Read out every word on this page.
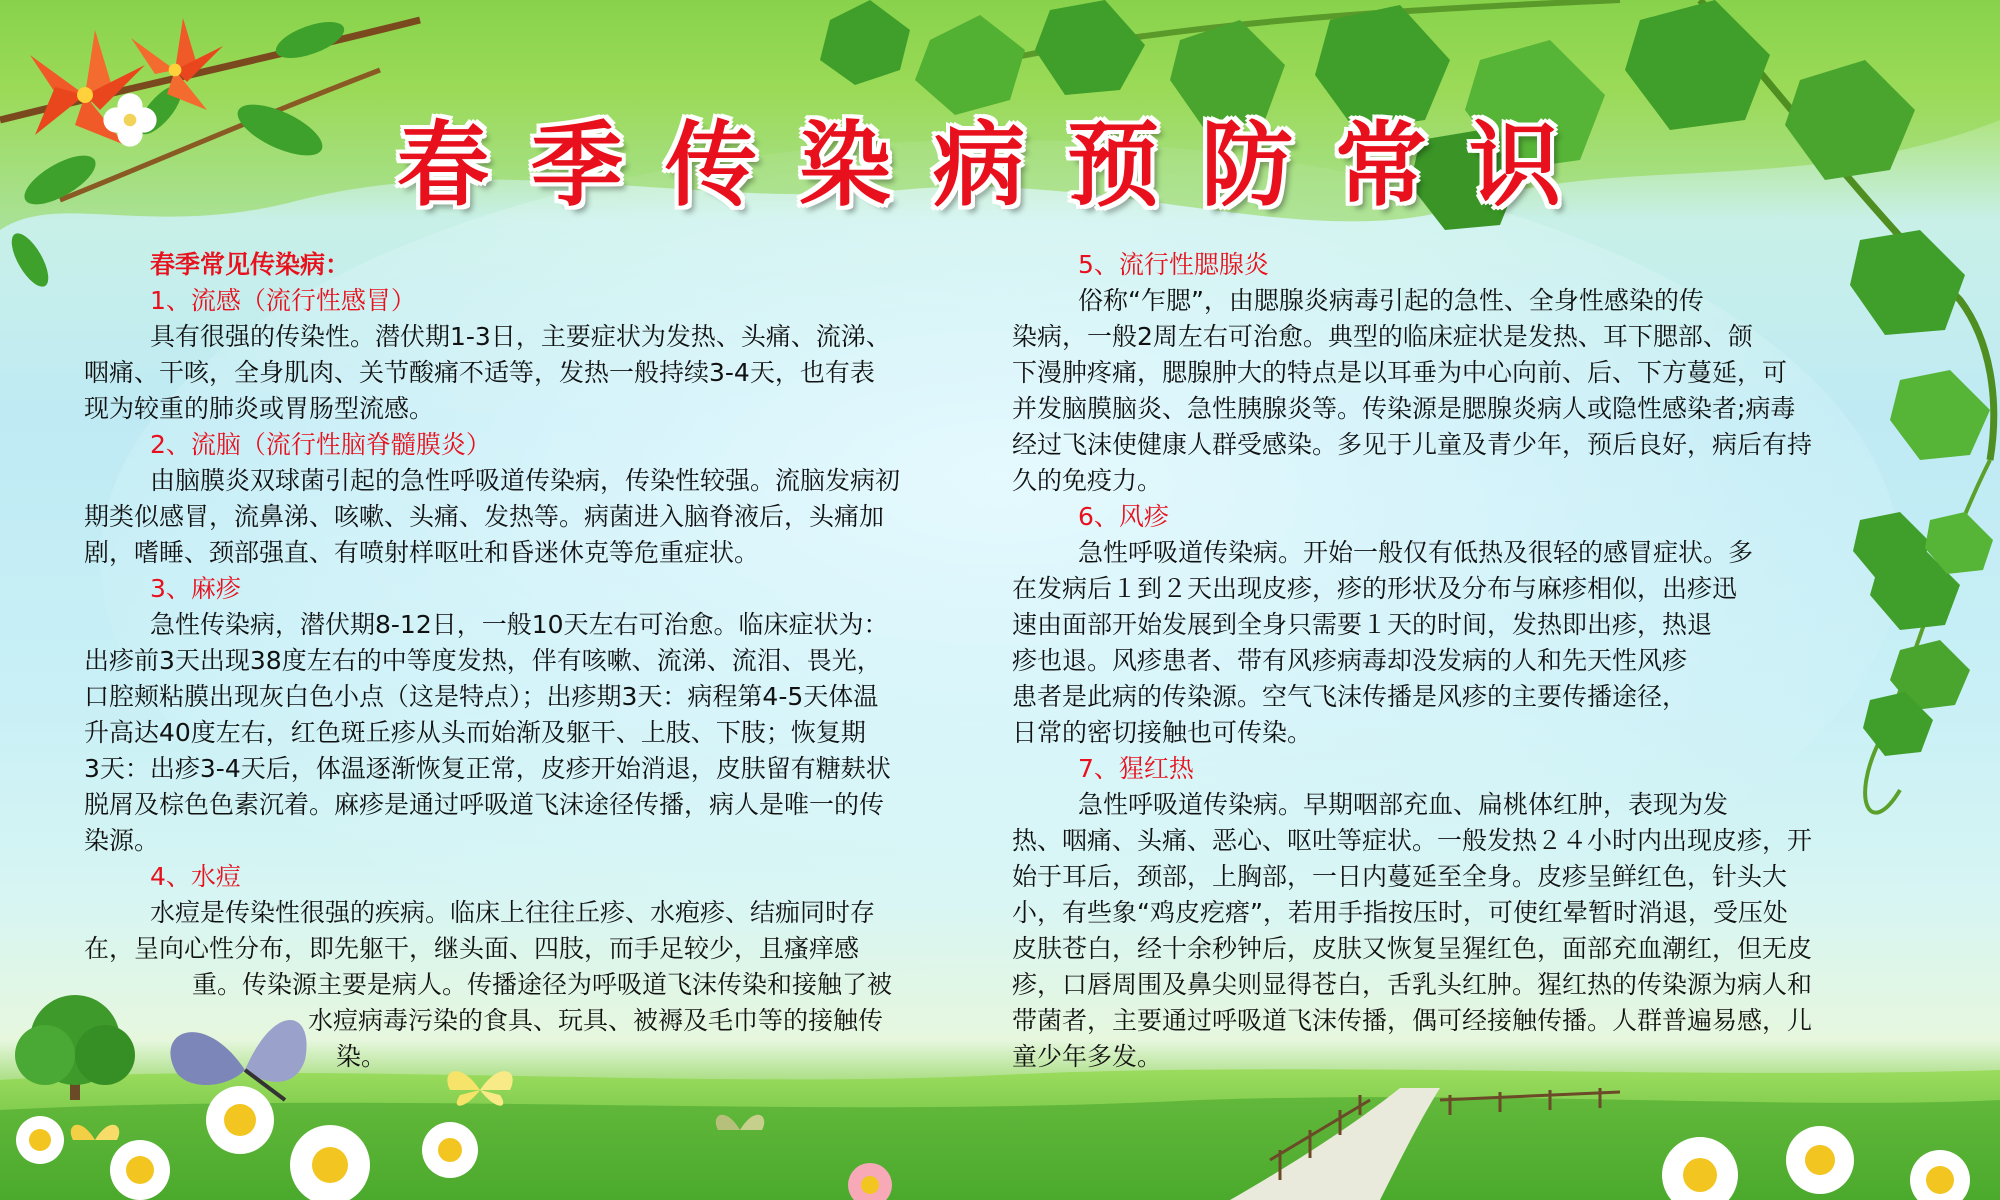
春季传染病预防常识
春季常见传染病：
1、流感（流行性感冒）
具有很强的传染性。潜伏期1-3日，主要症状为发热、头痛、流涕、
咽痛、干咳，全身肌肉、关节酸痛不适等，发热一般持续3-4天，也有表
现为较重的肺炎或胃肠型流感。
2、流脑（流行性脑脊髓膜炎）
由脑膜炎双球菌引起的急性呼吸道传染病，传染性较强。流脑发病初
期类似感冒，流鼻涕、咳嗽、头痛、发热等。病菌进入脑脊液后，头痛加
剧，嗜睡、颈部强直、有喷射样呕吐和昏迷休克等危重症状。
3、麻疹
急性传染病，潜伏期8-12日，一般10天左右可治愈。临床症状为：
出疹前3天出现38度左右的中等度发热，伴有咳嗽、流涕、流泪、畏光，
口腔颊粘膜出现灰白色小点（这是特点）；出疹期3天：病程第4-5天体温
升高达40度左右，红色斑丘疹从头而始渐及躯干、上肢、下肢；恢复期
3天：出疹3-4天后，体温逐渐恢复正常，皮疹开始消退，皮肤留有糖麸状
脱屑及棕色色素沉着。麻疹是通过呼吸道飞沫途径传播，病人是唯一的传
染源。
4、水痘
水痘是传染性很强的疾病。临床上往往丘疹、水疱疹、结痂同时存
在，呈向心性分布，即先躯干，继头面、四肢，而手足较少，且瘙痒感
重。传染源主要是病人。传播途径为呼吸道飞沫传染和接触了被
水痘病毒污染的食具、玩具、被褥及毛巾等的接触传
染。
5、流行性腮腺炎
俗称“乍腮”，由腮腺炎病毒引起的急性、全身性感染的传
染病，一般2周左右可治愈。典型的临床症状是发热、耳下腮部、颌
下漫肿疼痛，腮腺肿大的特点是以耳垂为中心向前、后、下方蔓延，可
并发脑膜脑炎、急性胰腺炎等。传染源是腮腺炎病人或隐性感染者;病毒
经过飞沫使健康人群受感染。多见于儿童及青少年，预后良好，病后有持
久的免疫力。
6、风疹
急性呼吸道传染病。开始一般仅有低热及很轻的感冒症状。多
在发病后１到２天出现皮疹，疹的形状及分布与麻疹相似，出疹迅
速由面部开始发展到全身只需要１天的时间，发热即出疹，热退
疹也退。风疹患者、带有风疹病毒却没发病的人和先天性风疹
患者是此病的传染源。空气飞沫传播是风疹的主要传播途径，
日常的密切接触也可传染。
7、猩红热
急性呼吸道传染病。早期咽部充血、扁桃体红肿，表现为发
热、咽痛、头痛、恶心、呕吐等症状。一般发热２４小时内出现皮疹，开
始于耳后，颈部，上胸部，一日内蔓延至全身。皮疹呈鲜红色，针头大
小，有些象“鸡皮疙瘩”，若用手指按压时，可使红晕暂时消退，受压处
皮肤苍白，经十余秒钟后，皮肤又恢复呈猩红色，面部充血潮红，但无皮
疹，口唇周围及鼻尖则显得苍白，舌乳头红肿。猩红热的传染源为病人和
带菌者，主要通过呼吸道飞沫传播，偶可经接触传播。人群普遍易感，儿
童少年多发。
